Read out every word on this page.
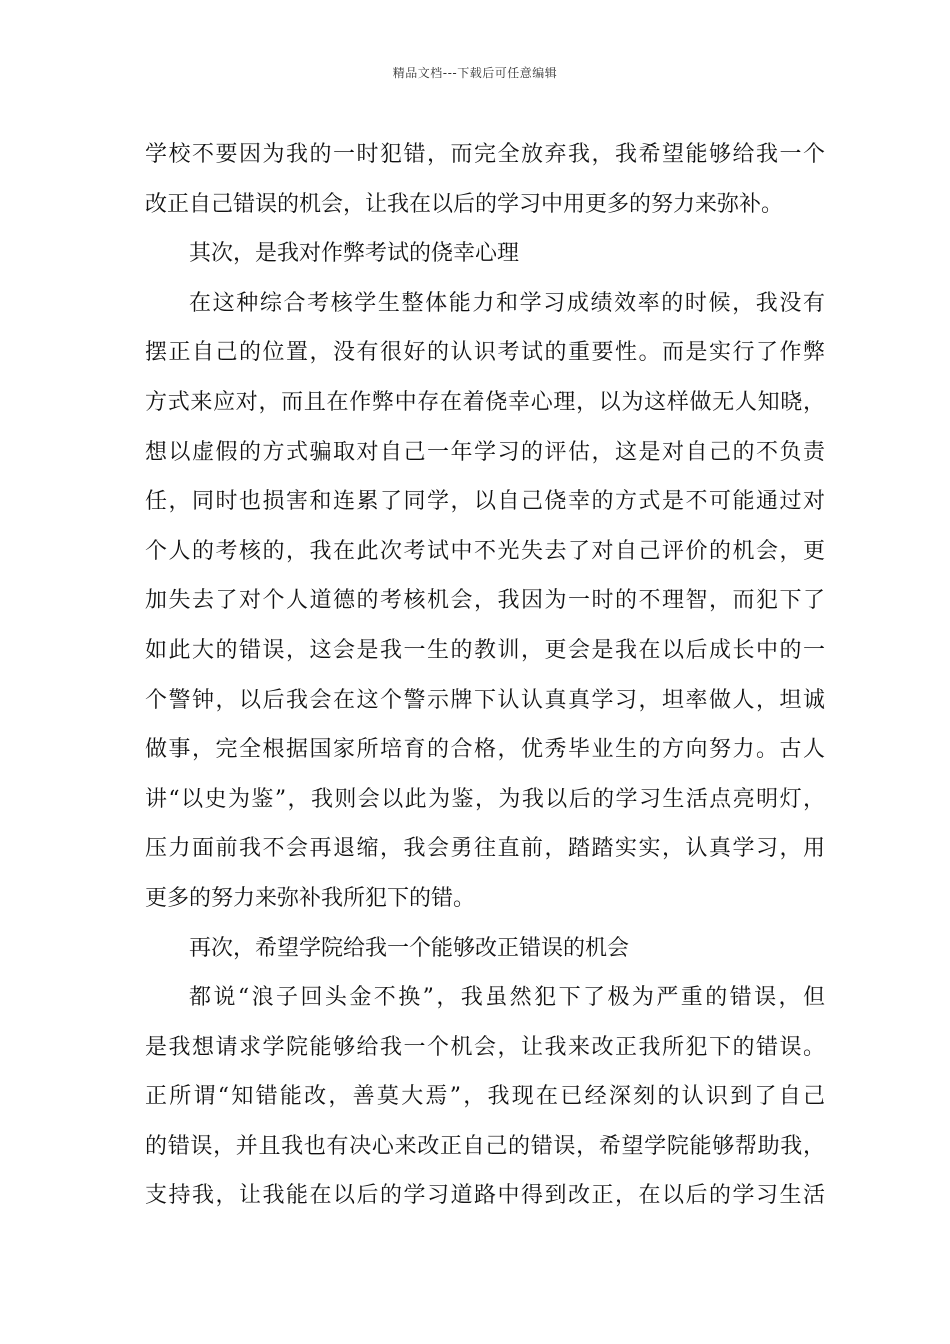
精品文档---下载后可任意编辑
学校不要因为我的一时犯错，而完全放弃我，我希望能够给我一个
改正自己错误的机会，让我在以后的学习中用更多的努力来弥补。
其次，是我对作弊考试的侥幸心理
在这种综合考核学生整体能力和学习成绩效率的时候，我没有
摆正自己的位置，没有很好的认识考试的重要性。而是实行了作弊
方式来应对，而且在作弊中存在着侥幸心理，以为这样做无人知晓，
想以虚假的方式骗取对自己一年学习的评估，这是对自己的不负责
任，同时也损害和连累了同学，以自己侥幸的方式是不可能通过对
个人的考核的，我在此次考试中不光失去了对自己评价的机会，更
加失去了对个人道德的考核机会，我因为一时的不理智，而犯下了
如此大的错误，这会是我一生的教训，更会是我在以后成长中的一
个警钟，以后我会在这个警示牌下认认真真学习，坦率做人，坦诚
做事，完全根据国家所培育的合格，优秀毕业生的方向努力。古人
讲“以史为鉴”，我则会以此为鉴，为我以后的学习生活点亮明灯，
压力面前我不会再退缩，我会勇往直前，踏踏实实，认真学习，用
更多的努力来弥补我所犯下的错。
再次，希望学院给我一个能够改正错误的机会
都说“浪子回头金不换”，我虽然犯下了极为严重的错误，但
是我想请求学院能够给我一个机会，让我来改正我所犯下的错误。
正所谓“知错能改，善莫大焉”，我现在已经深刻的认识到了自己
的错误，并且我也有决心来改正自己的错误，希望学院能够帮助我，
支持我，让我能在以后的学习道路中得到改正，在以后的学习生活
